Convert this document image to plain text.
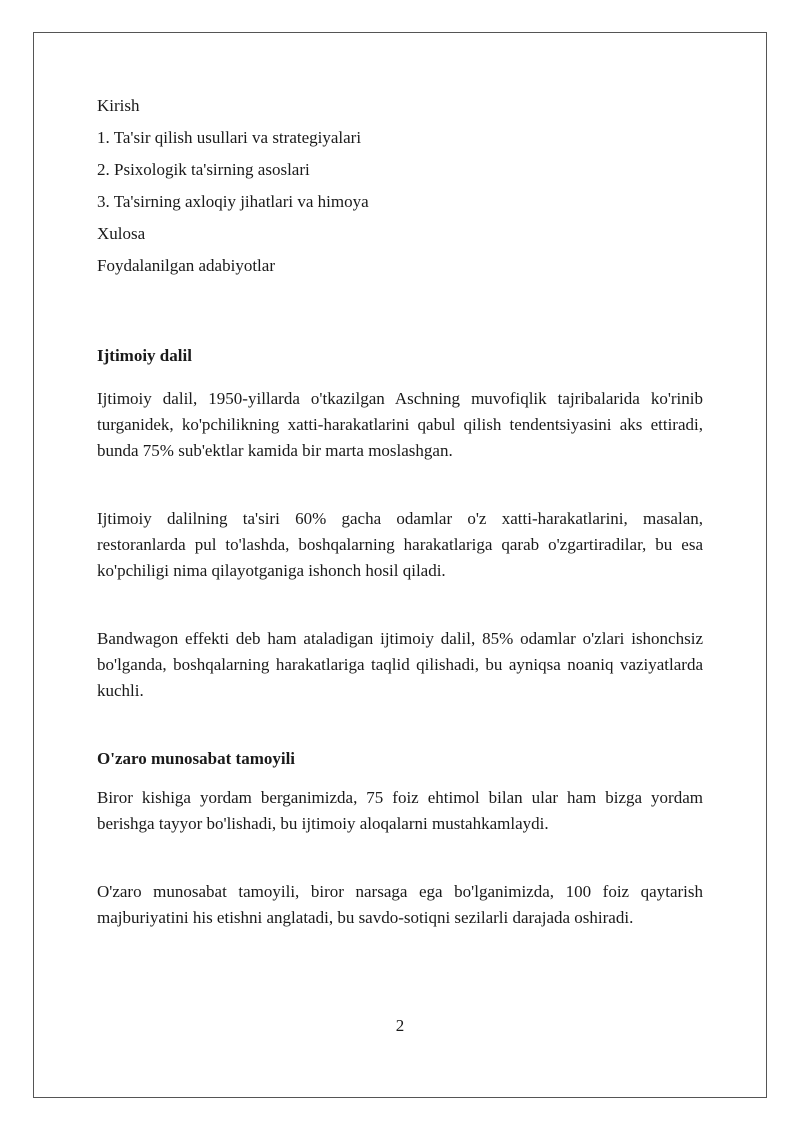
Kirish
1. Ta'sir qilish usullari va strategiyalari
2. Psixologik ta'sirning asoslari
3. Ta'sirning axloqiy jihatlari va himoya
Xulosa
Foydalanilgan adabiyotlar

Ijtimoiy dalil

Ijtimoiy dalil, 1950-yillarda o'tkazilgan Aschning muvofiqlik tajribalarida ko'rinib turganidek, ko'pchilikning xatti-harakatlarini qabul qilish tendentsiyasini aks ettiradi, bunda 75% sub'ektlar kamida bir marta moslashgan.

Ijtimoiy dalilning ta'siri 60% gacha odamlar o'z xatti-harakatlarini, masalan, restoranlarda pul to'lashda, boshqalarning harakatlariga qarab o'zgartiradilar, bu esa ko'pchiligi nima qilayotganiga ishonch hosil qiladi.

Bandwagon effekti deb ham ataladigan ijtimoiy dalil, 85% odamlar o'zlari ishonchsiz bo'lganda, boshqalarning harakatlariga taqlid qilishadi, bu ayniqsa noaniq vaziyatlarda kuchli.

O'zaro munosabat tamoyili

Biror kishiga yordam berganimizda, 75 foiz ehtimol bilan ular ham bizga yordam berishga tayyor bo'lishadi, bu ijtimoiy aloqalarni mustahkamlaydi.

O'zaro munosabat tamoyili, biror narsaga ega bo'lganimizda, 100 foiz qaytarish majburiyatini his etishni anglatadi, bu savdo-sotiqni sezilarli darajada oshiradi.

2
